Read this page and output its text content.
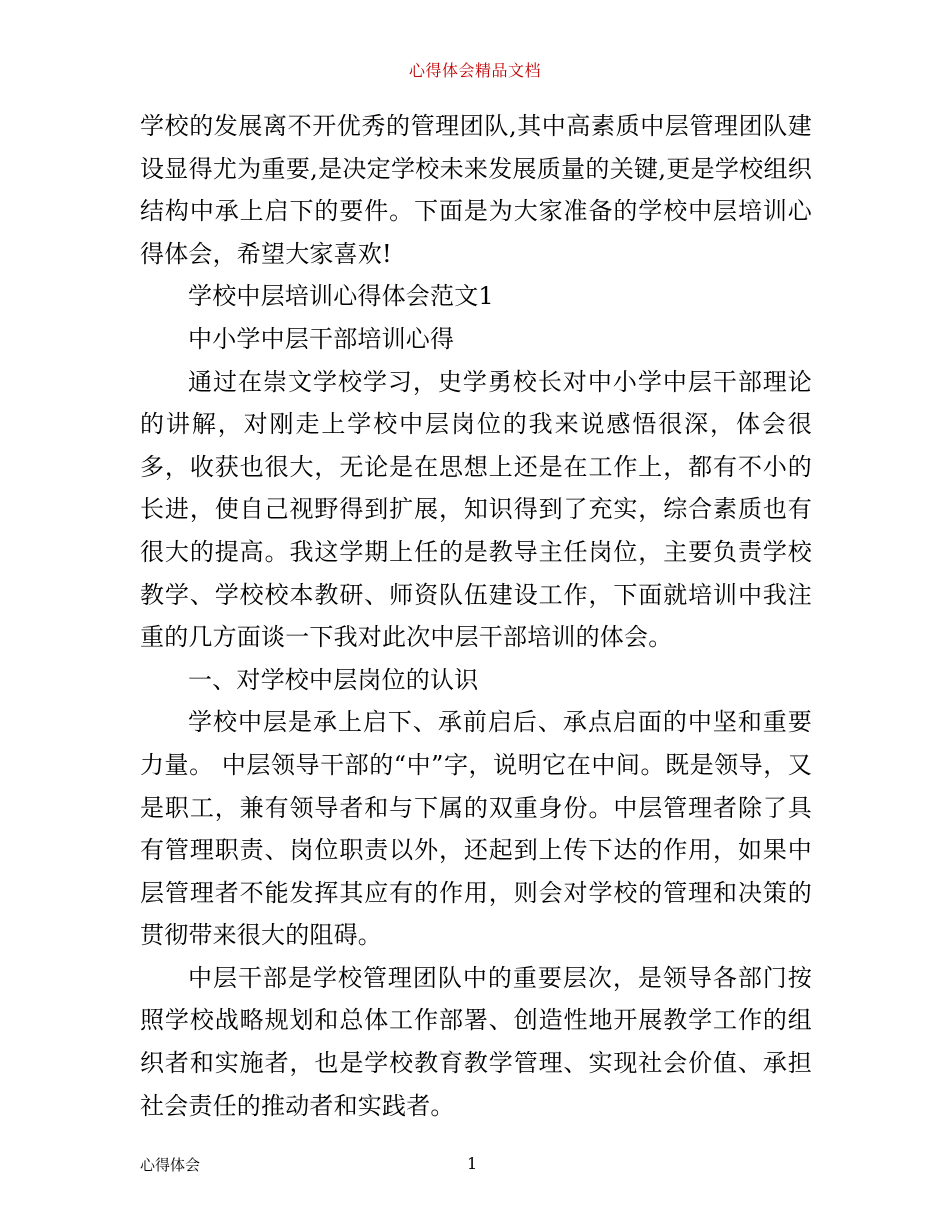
心得体会精品文档

学校的发展离不开优秀的管理团队,其中高素质中层管理团队建设显得尤为重要,是决定学校未来发展质量的关键,更是学校组织结构中承上启下的要件。下面是为大家准备的学校中层培训心得体会，希望大家喜欢!

学校中层培训心得体会范文1

中小学中层干部培训心得

通过在崇文学校学习，史学勇校长对中小学中层干部理论的讲解，对刚走上学校中层岗位的我来说感悟很深，体会很多，收获也很大，无论是在思想上还是在工作上，都有不小的长进，使自己视野得到扩展，知识得到了充实，综合素质也有很大的提高。我这学期上任的是教导主任岗位，主要负责学校教学、学校校本教研、师资队伍建设工作，下面就培训中我注重的几方面谈一下我对此次中层干部培训的体会。

一、对学校中层岗位的认识

学校中层是承上启下、承前启后、承点启面的中坚和重要力量。 中层领导干部的“中”字，说明它在中间。既是领导，又是职工，兼有领导者和与下属的双重身份。中层管理者除了具有管理职责、岗位职责以外，还起到上传下达的作用，如果中层管理者不能发挥其应有的作用，则会对学校的管理和决策的贯彻带来很大的阻碍。

中层干部是学校管理团队中的重要层次，是领导各部门按照学校战略规划和总体工作部署、创造性地开展教学工作的组织者和实施者，也是学校教育教学管理、实现社会价值、承担社会责任的推动者和实践者。

心得体会	1
